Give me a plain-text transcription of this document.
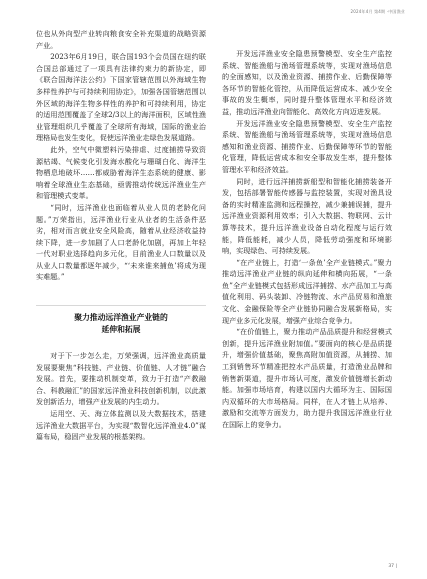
2024年4月 第4期 ·中国渔业

位也从外向型产业转向粮食安全补充渠道的战略资源产业。

2023年6月19日，联合国193个会员国在纽约联合国总部通过了一项具有法律约束力的新协定，即《联合国海洋法公约》下国家管辖范围以外海域生物多样性养护与可持续利用协定》，加强各国管辖范围以外区域的海洋生物多样性的养护和可持续利用，协定的适用范围覆盖了全球2/3以上的海洋面积，区域性渔业管理组织几乎覆盖了全球所有海域，国际的渔业治理格局也发生变化，促使远洋渔业走绿色发展道路。

此外，空气中微塑料污染排虐、过度捕捞导致资源枯竭、气候变化引发海水酸化与珊瑚白化、海洋生物栖息地破坏……都威胁着海洋生态系统的健康、影响着全球渔业生态基础，亟需推动传统远洋渔业生产和管理模式变革。

“同时，远洋渔业也面临着从业人员的老龄化问题。”万荣指出，远洋渔业行业从业者的生活条件恶劣，相对而言就业安全风险高，随着从业经济收益持续下降，进一步加剧了人口老龄化加剧，再加上年轻一代对职业选择趋向多元化，目前渔业人口数量以及从业人口数量都逐年减少，“‘未来谁来捕鱼’将成为现实难题。”

聚力推动远洋渔业产业链的
延伸和拓展

对于下一步怎么走，万荣强调，远洋渔业高质量发展要聚焦“科技链、产业链、价值链、人才链”融合发展。首先，要推动机制变革，致力于打造“产教融合、科教融汇”的国家远洋渔业科技创新机制，以此激发创新活力，增强产业发展的内生动力。

运用空、天、海立体监测以及大数据技术，搭建远洋渔业大数据平台，为实现“数智化远洋渔业4.0”谋篇布局，稳固产业发展的根基架构。

开发远洋渔业安全隐患预警模型、安全生产监控系统、智能渔船与渔场管理系统等，实现对渔场信息的全面感知，以及渔业资源、捕捞作业、后勤保障等各环节的智能化管控，从而降低运营成本、减少安全事故的发生概率，同时提升整体管理水平和经济效益，推动远洋渔业向智能化、高效化方向迈进发展。

开发远洋渔业安全隐患预警模型、安全生产监控系统、智能渔船与渔场管理系统等，实现对渔场信息感知和渔业资源、捕捞作业、后勤保障等环节的智能化管理，降低运营成本和安全事故发生率，提升整体管理水平和经济效益。

同时，进行远洋捕捞新船型和智能化捕捞装备开发，包括部署智能传感器与监控装置，实现对渔具设备的实时精准监测和远程操控，减少兼捕误捕，提升远洋渔业资源利用效率；引入大数据、物联网、云计算等技术，提升远洋渔业设备自动化程度与运行效能，降低能耗，减少人员，降低劳动强度和环境影响，实现绿色、可持续发展。

“在产业链上，打造‘一条鱼’全产业链模式。”聚力推动远洋渔业产业链的纵向延伸和横向拓展，“一条鱼”全产业链模式包括形成远洋捕捞、水产品加工与高值化利用、码头装卸、冷链物流、水产品贸易和渔旅文化、金融保险等全产业链协同融合发展新格局，实现产业多元化发展，增强产业综合竞争力。

“在价值链上，聚力推动产品品质提升和经营模式创新，提升远洋渔业附加值。”要面向的核心是品质提升，增强价值基础，聚焦高附加值资源，从捕捞、加工到销售环节精准把控水产品质量，打造渔业品牌和销售新渠道，提升市场认可度，激发价值链增长新动能。加强市场培育，构建以国内大循环为主、国际国内双循环的大市场格局。同样，在人才链上从培养、激励和交流等方面发力，助力提升我国远洋渔业行业在国际上的竞争力。

37 |
